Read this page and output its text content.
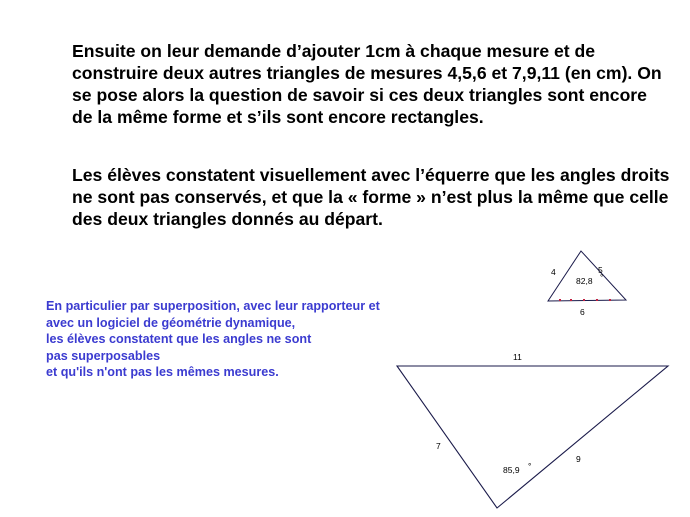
Ensuite on leur demande d’ajouter 1cm à chaque mesure et de construire deux autres triangles de mesures 4,5,6 et 7,9,11 (en cm). On se pose alors la question de savoir si ces deux triangles sont encore de la même forme et s’ils sont encore rectangles.

Les élèves constatent visuellement avec l’équerre que les angles droits ne sont pas conservés, et que la « forme » n’est plus la même que celle des deux triangles donnés au départ.

En particulier par superposition, avec leur rapporteur et
avec un logiciel de géométrie dynamique,
les élèves constatent que les angles ne sont
pas superposables
et qu'ils n'ont pas les mêmes mesures.
4	5
82,8 °
6
11
7
9
85,9 °
